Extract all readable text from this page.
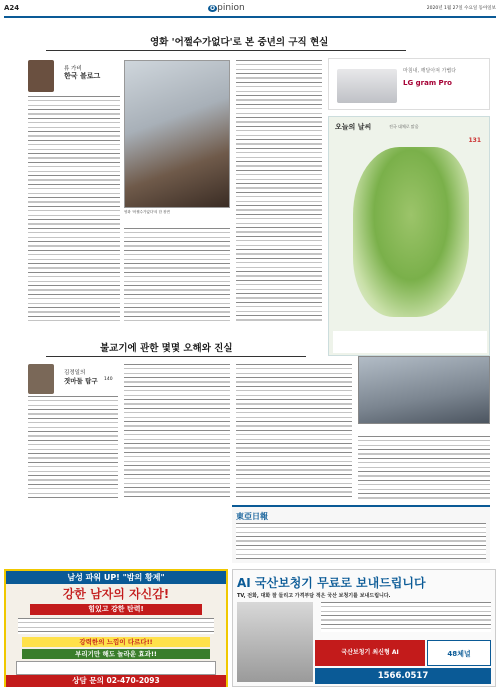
A24	O pinion	2020년 1월 27일 수요일 동아일보
영화 '어쩔수가없다'로 본 중년의 구직 현실
류 가비
한국 블로그
영화 '어쩔수가없다'의 한 장면
마침내, 깨달아져 가볍다
LG gram Pro
오늘의 날씨	전국 대체로 맑음
131
불교기에 관한 몇몇 오해와 진실
김정일의
겻마둘 탐구 140
東亞日報
남성 파워 UP! "밤의 황제"
강한 남자의 자신감!
힘있고 강한 탄력!
강력한의 느낌이 다르다!!
부리기만 해도 놀라운 효과!!
상담 문의 02-470-2093
AI 국산보청기 무료로 보내드립니다
TV, 전화, 대화 잘 들리고 가격부담 적은 국산 보청기를 보내드립니다.
국산보청기 최신형 AI	48체널
1566.0517
